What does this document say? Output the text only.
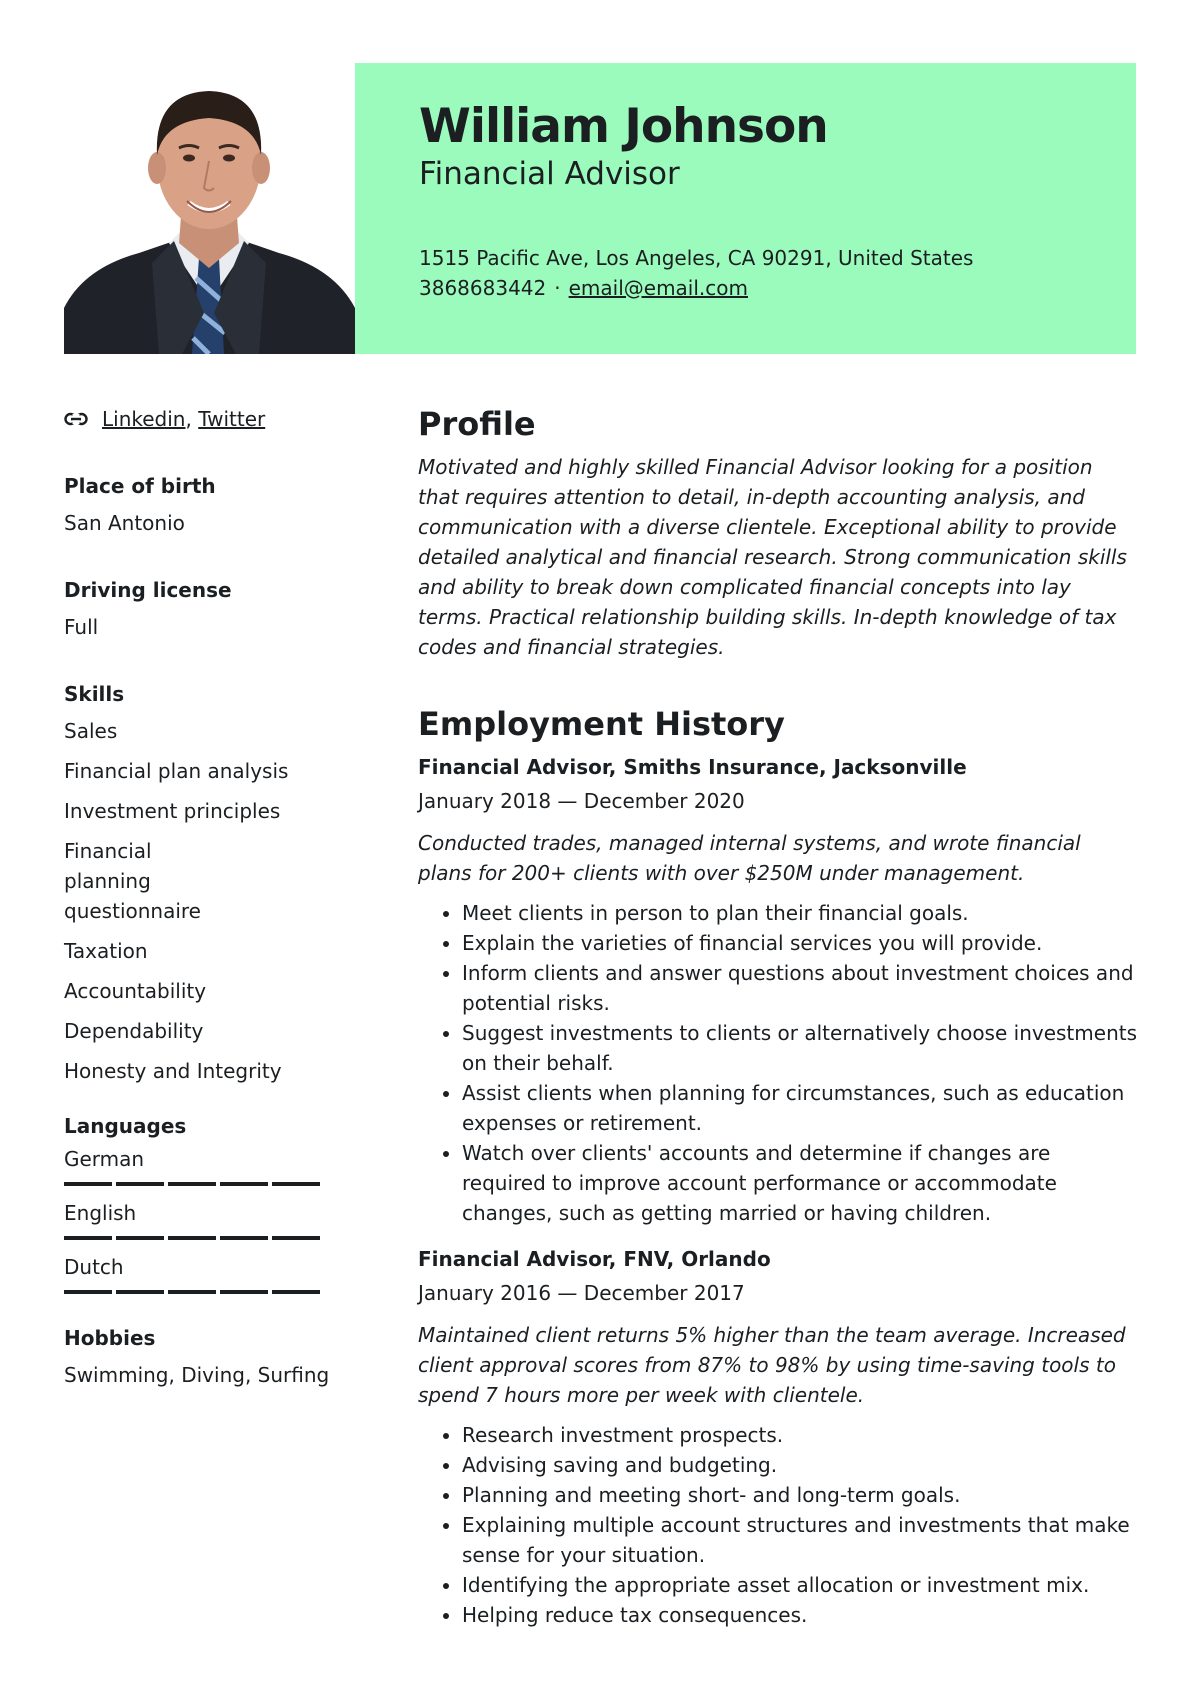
William Johnson
Financial Advisor
1515 Pacific Ave, Los Angeles, CA 90291, United States
3868683442 · email@email.com
Linkedin ,
Twitter
Place of birth
San Antonio
Driving license
Full
Skills
Sales
Financial plan analysis
Investment principles
Financial planning questionnaire
Taxation
Accountability
Dependability
Honesty and Integrity
Languages
German
English
Dutch
Hobbies
Swimming, Diving, Surfing
Profile
Motivated and highly skilled Financial Advisor looking for a position that requires attention to detail, in-depth accounting analysis, and communication with a diverse clientele. Exceptional ability to provide detailed analytical and financial research. Strong communication skills and ability to break down complicated financial concepts into lay terms. Practical relationship building skills. In-depth knowledge of tax codes and financial strategies.
Employment History
Financial Advisor, Smiths Insurance, Jacksonville
January 2018 — December 2020
Conducted trades, managed internal systems, and wrote financial plans for 200+ clients with over $250M under management.
• Meet clients in person to plan their financial goals.
• Explain the varieties of financial services you will provide.
• Inform clients and answer questions about investment choices and potential risks.
• Suggest investments to clients or alternatively choose investments on their behalf.
• Assist clients when planning for circumstances, such as education expenses or retirement.
• Watch over clients' accounts and determine if changes are required to improve account performance or accommodate changes, such as getting married or having children.
Financial Advisor, FNV, Orlando
January 2016 — December 2017
Maintained client returns 5% higher than the team average. Increased client approval scores from 87% to 98% by using time-saving tools to spend 7 hours more per week with clientele.
• Research investment prospects.
• Advising saving and budgeting.
• Planning and meeting short- and long-term goals.
• Explaining multiple account structures and investments that make sense for your situation.
• Identifying the appropriate asset allocation or investment mix.
• Helping reduce tax consequences.
